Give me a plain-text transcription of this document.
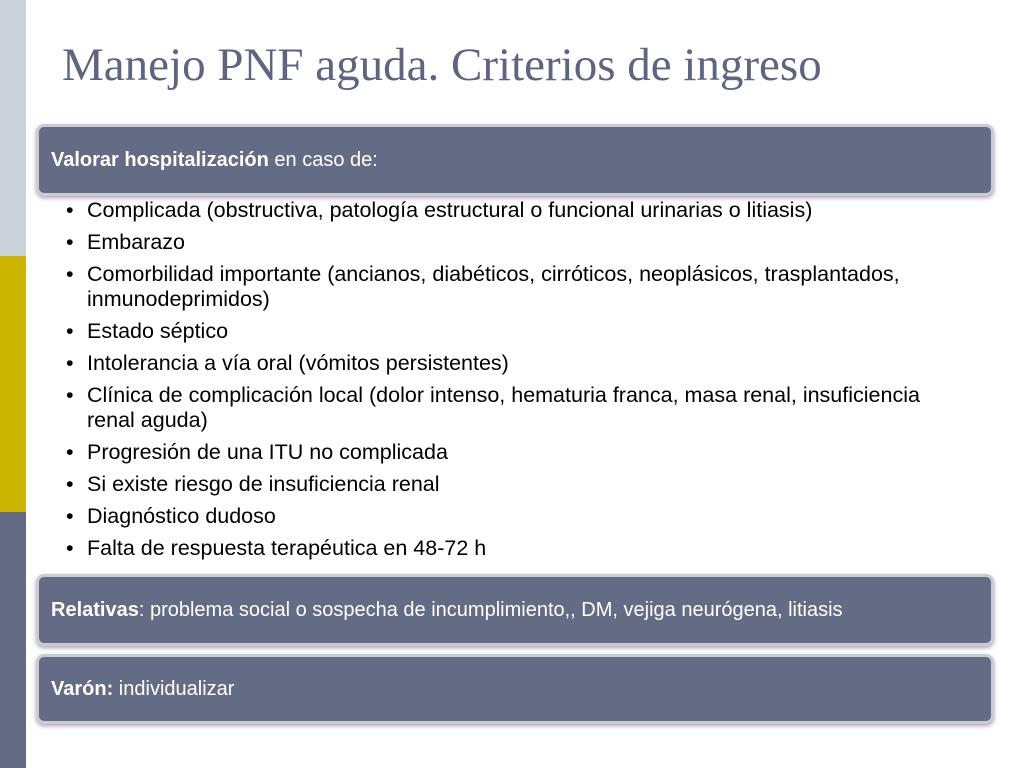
Manejo PNF aguda. Criterios de ingreso
Valorar hospitalización en caso de:
• Complicada (obstructiva, patología estructural o funcional urinarias o litiasis)
• Embarazo
• Comorbilidad importante (ancianos, diabéticos, cirróticos, neoplásicos, trasplantados, inmunodeprimidos)
• Estado séptico
• Intolerancia a vía oral (vómitos persistentes)
• Clínica de complicación local (dolor intenso, hematuria franca, masa renal, insuficiencia renal aguda)
• Progresión de una ITU no complicada
• Si existe riesgo de insuficiencia renal
• Diagnóstico dudoso
• Falta de respuesta terapéutica en 48-72 h
Relativas: problema social o sospecha de incumplimiento,, DM, vejiga neurógena, litiasis
Varón: individualizar
